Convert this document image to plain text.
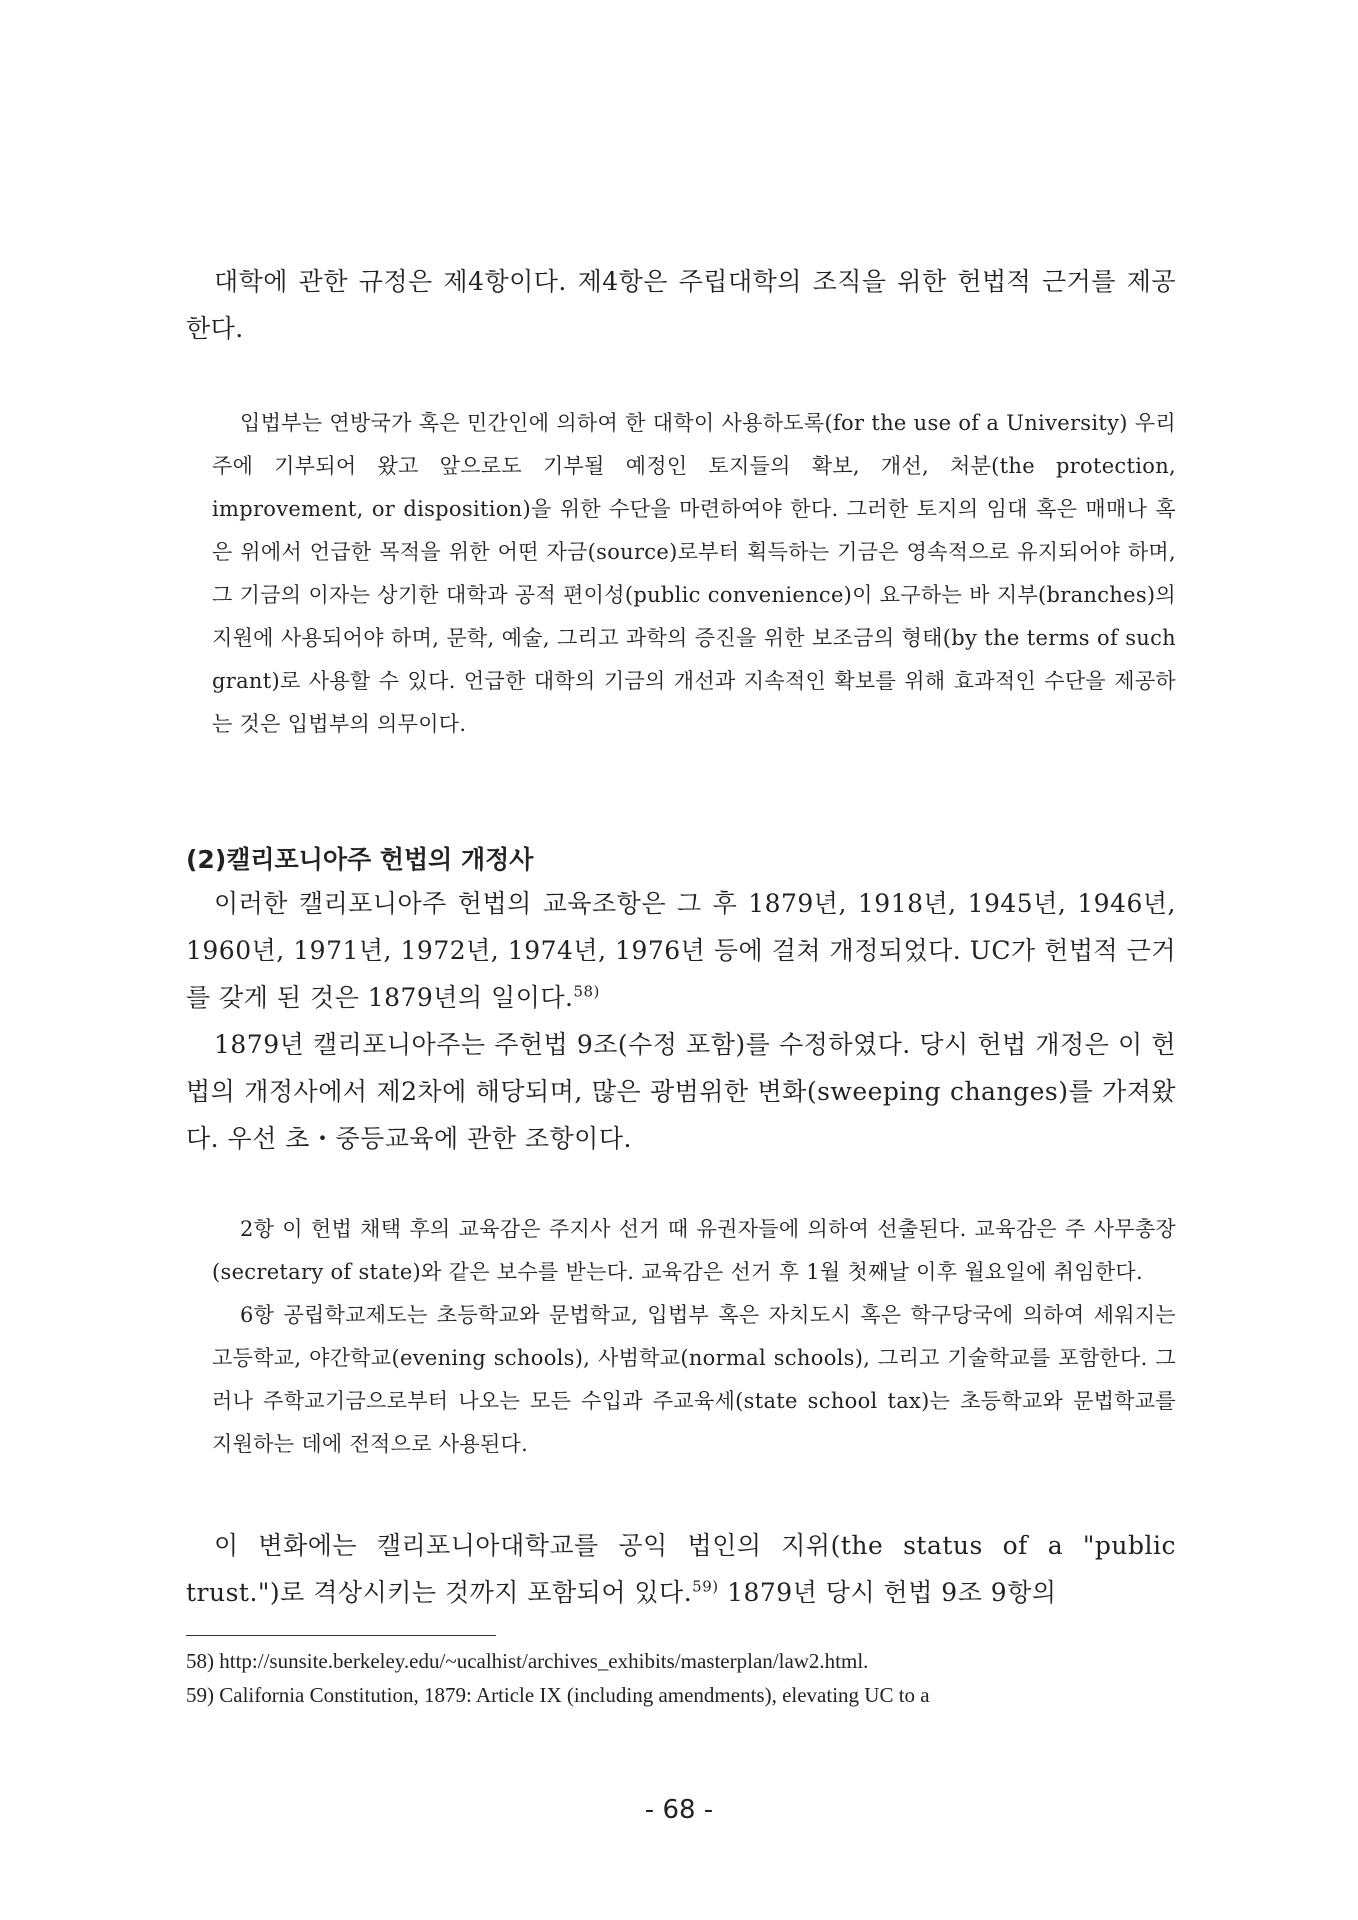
대학에 관한 규정은 제4항이다. 제4항은 주립대학의 조직을 위한 헌법적 근거를 제공한다.

입법부는 연방국가 혹은 민간인에 의하여 한 대학이 사용하도록(for the use of a University) 우리 주에 기부되어 왔고 앞으로도 기부될 예정인 토지들의 확보, 개선, 처분(the protection, improvement, or disposition)을 위한 수단을 마련하여야 한다. 그러한 토지의 임대 혹은 매매나 혹은 위에서 언급한 목적을 위한 어떤 자금(source)로부터 획득하는 기금은 영속적으로 유지되어야 하며, 그 기금의 이자는 상기한 대학과 공적 편이성(public convenience)이 요구하는 바 지부(branches)의 지원에 사용되어야 하며, 문학, 예술, 그리고 과학의 증진을 위한 보조금의 형태(by the terms of such grant)로 사용할 수 있다. 언급한 대학의 기금의 개선과 지속적인 확보를 위해 효과적인 수단을 제공하는 것은 입법부의 의무이다.

(2)캘리포니아주 헌법의 개정사

이러한 캘리포니아주 헌법의 교육조항은 그 후 1879년, 1918년, 1945년, 1946년, 1960년, 1971년, 1972년, 1974년, 1976년 등에 걸쳐 개정되었다. UC가 헌법적 근거를 갖게 된 것은 1879년의 일이다.$^{58)}$

1879년 캘리포니아주는 주헌법 9조(수정 포함)를 수정하였다. 당시 헌법 개정은 이 헌법의 개정사에서 제2차에 해당되며, 많은 광범위한 변화(sweeping changes)를 가져왔다. 우선 초・중등교육에 관한 조항이다.

2항 이 헌법 채택 후의 교육감은 주지사 선거 때 유권자들에 의하여 선출된다. 교육감은 주 사무총장(secretary of state)와 같은 보수를 받는다. 교육감은 선거 후 1월 첫째날 이후 월요일에 취임한다.

6항 공립학교제도는 초등학교와 문법학교, 입법부 혹은 자치도시 혹은 학구당국에 의하여 세워지는 고등학교, 야간학교(evening schools), 사범학교(normal schools), 그리고 기술학교를 포함한다. 그러나 주학교기금으로부터 나오는 모든 수입과 주교육세(state school tax)는 초등학교와 문법학교를 지원하는 데에 전적으로 사용된다.

이 변화에는 캘리포니아대학교를 공익 법인의 지위(the status of a "public trust.")로 격상시키는 것까지 포함되어 있다.$^{59)}$ 1879년 당시 헌법 9조 9항의

58) http://sunsite.berkeley.edu/~ucalhist/archives_exhibits/masterplan/law2.html.

59) California Constitution, 1879: Article IX (including amendments), elevating UC to a

- 68 -
